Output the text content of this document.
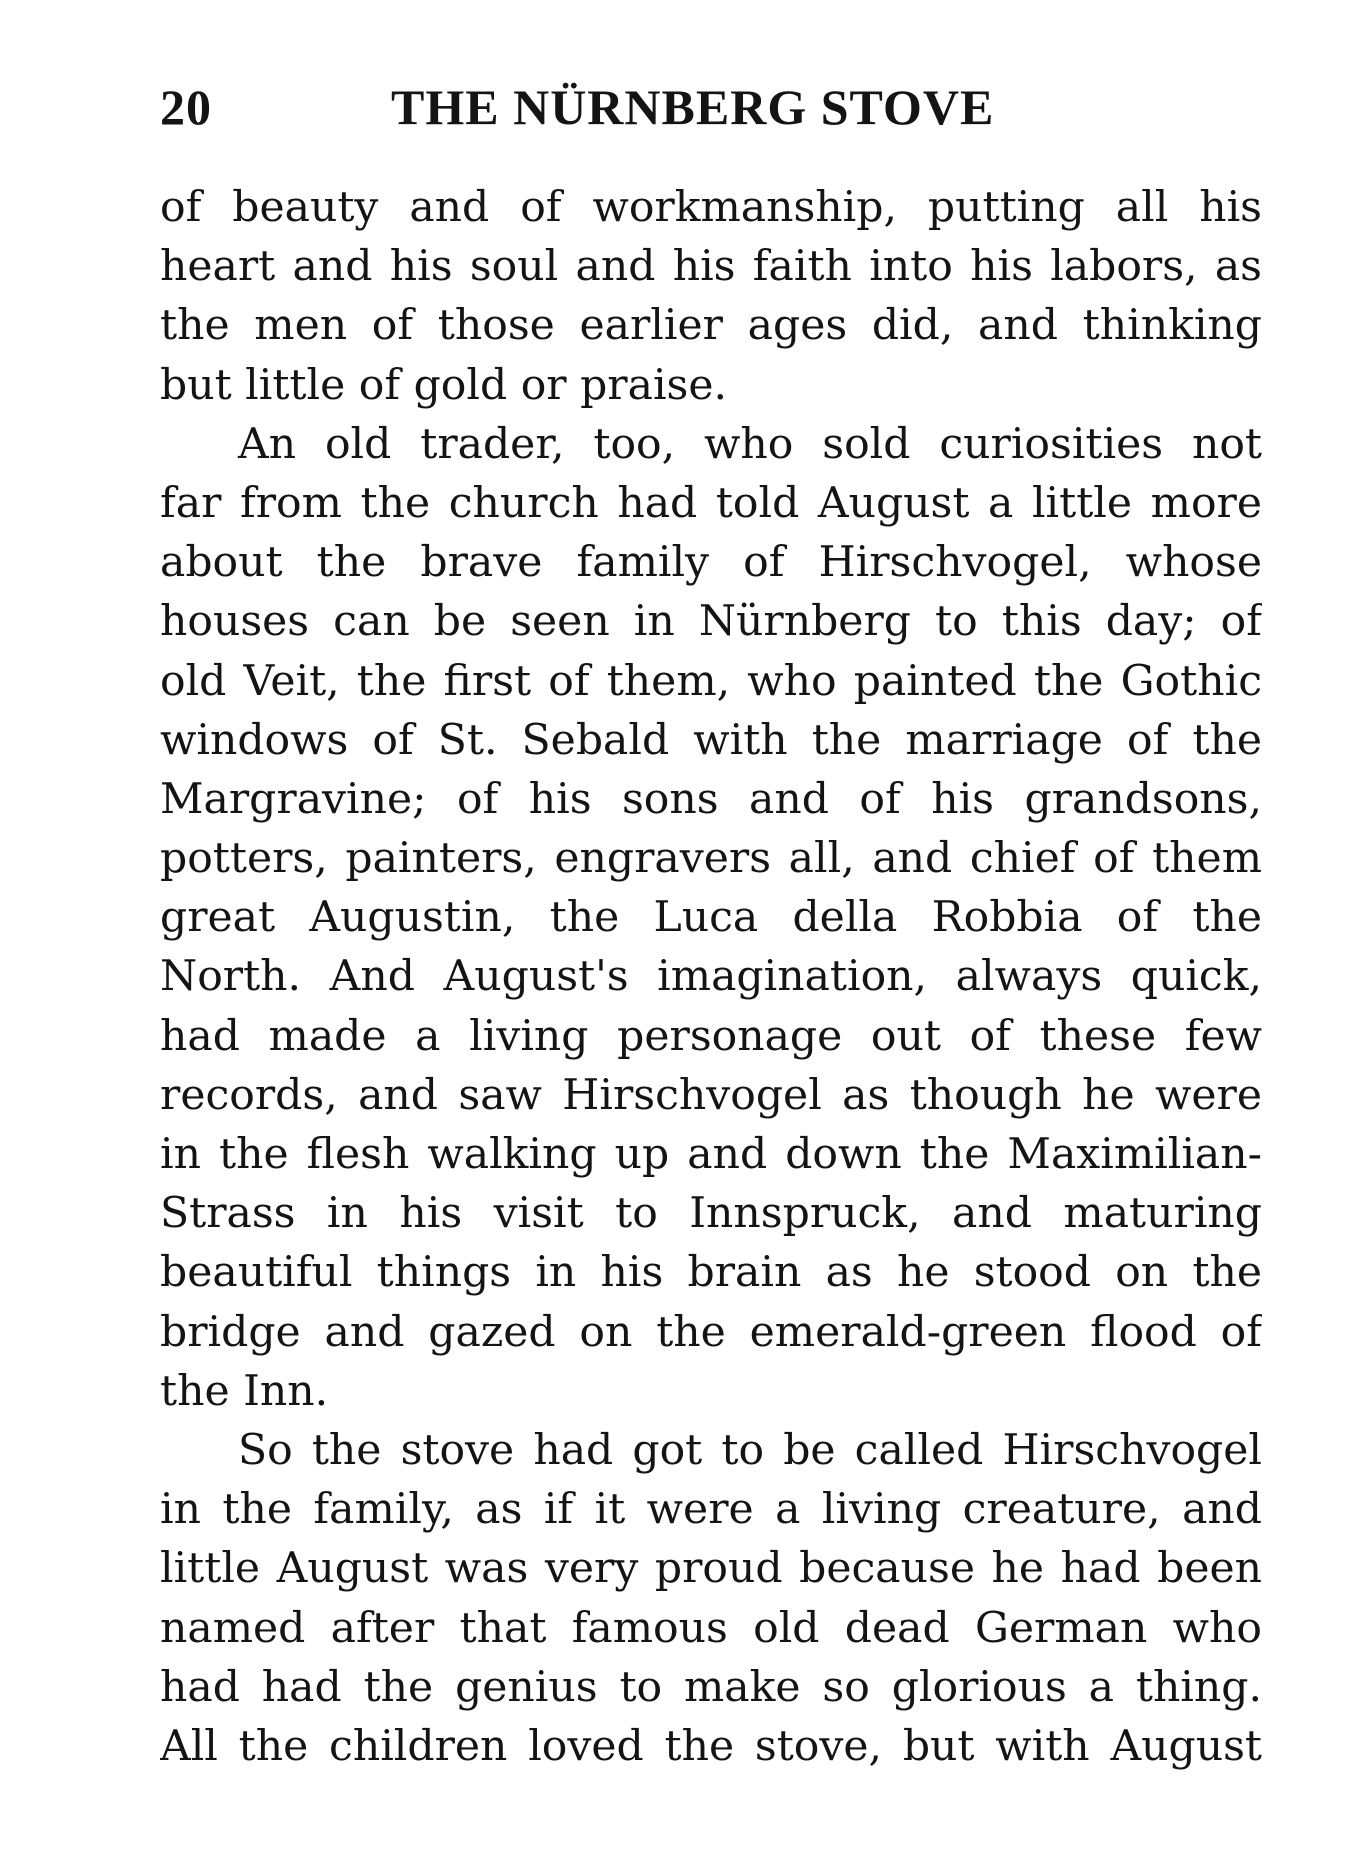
20	THE NÜRNBERG STOVE
of beauty and of workmanship, putting all his
heart and his soul and his faith into his labors, as
the men of those earlier ages did, and thinking
but little of gold or praise.
An old trader, too, who sold curiosities not
far from the church had told August a little more
about the brave family of Hirschvogel, whose
houses can be seen in Nürnberg to this day; of
old Veit, the first of them, who painted the Gothic
windows of St. Sebald with the marriage of the
Margravine; of his sons and of his grandsons,
potters, painters, engravers all, and chief of them
great Augustin, the Luca della Robbia of the
North. And August's imagination, always quick,
had made a living personage out of these few
records, and saw Hirschvogel as though he were
in the flesh walking up and down the Maximilian-
Strass in his visit to Innspruck, and maturing
beautiful things in his brain as he stood on the
bridge and gazed on the emerald-green flood of
the Inn.
So the stove had got to be called Hirschvogel
in the family, as if it were a living creature, and
little August was very proud because he had been
named after that famous old dead German who
had had the genius to make so glorious a thing.
All the children loved the stove, but with August
